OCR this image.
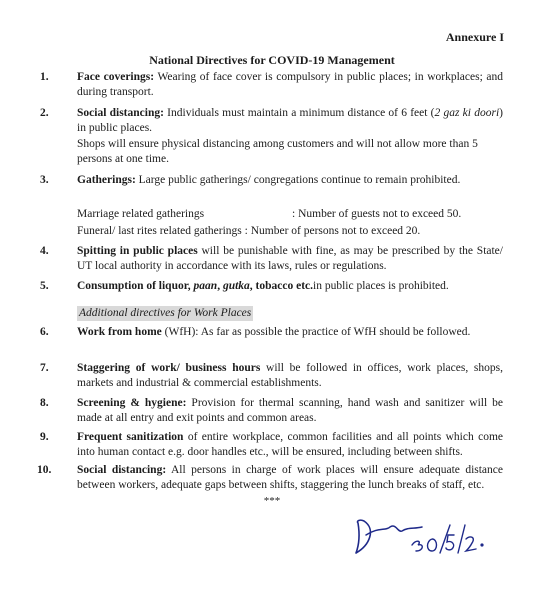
Annexure I
National Directives for COVID-19 Management
1. Face coverings: Wearing of face cover is compulsory in public places; in workplaces; and during transport.
2. Social distancing: Individuals must maintain a minimum distance of 6 feet (2 gaz ki doori) in public places.
Shops will ensure physical distancing among customers and will not allow more than 5 persons at one time.
3. Gatherings: Large public gatherings/ congregations continue to remain prohibited.
Marriage related gatherings	: Number of guests not to exceed 50.
Funeral/ last rites related gatherings : Number of persons not to exceed 20.
4. Spitting in public places will be punishable with fine, as may be prescribed by the State/ UT local authority in accordance with its laws, rules or regulations.
5. Consumption of liquor, paan, gutka, tobacco etc.in public places is prohibited.
Additional directives for Work Places
6. Work from home (WfH): As far as possible the practice of WfH should be followed.
7. Staggering of work/ business hours will be followed in offices, work places, shops, markets and industrial & commercial establishments.
8. Screening & hygiene: Provision for thermal scanning, hand wash and sanitizer will be made at all entry and exit points and common areas.
9. Frequent sanitization of entire workplace, common facilities and all points which come into human contact e.g. door handles etc., will be ensured, including between shifts.
10. Social distancing: All persons in charge of work places will ensure adequate distance between workers, adequate gaps between shifts, staggering the lunch breaks of staff, etc.
***
